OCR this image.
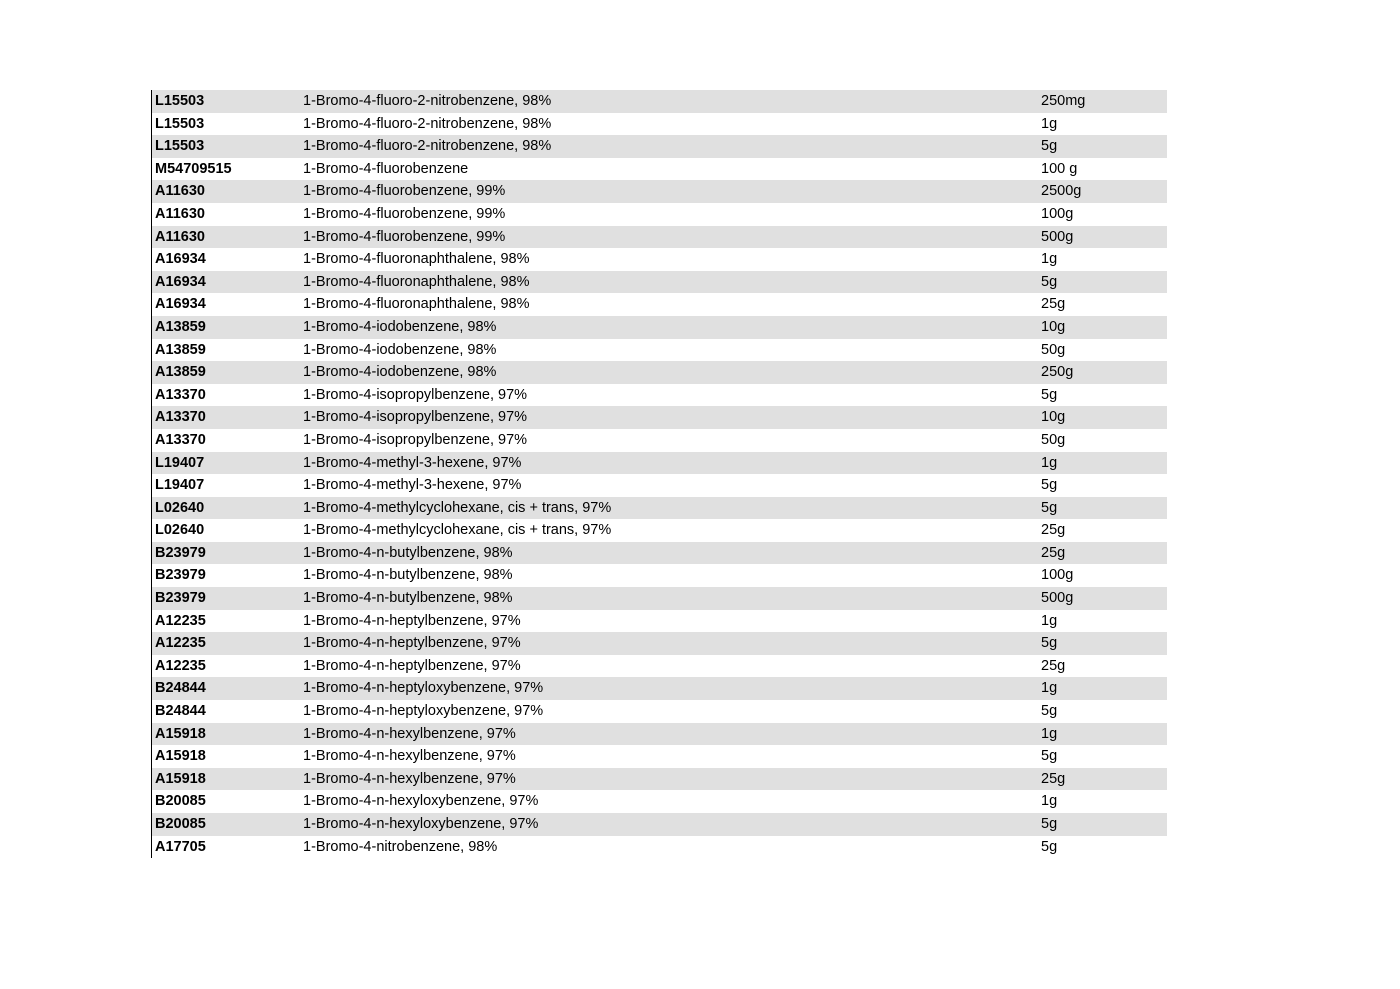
L15503	1-Bromo-4-fluoro-2-nitrobenzene, 98%	250mg
L15503	1-Bromo-4-fluoro-2-nitrobenzene, 98%	1g
L15503	1-Bromo-4-fluoro-2-nitrobenzene, 98%	5g
M54709515	1-Bromo-4-fluorobenzene	100 g
A11630	1-Bromo-4-fluorobenzene, 99%	2500g
A11630	1-Bromo-4-fluorobenzene, 99%	100g
A11630	1-Bromo-4-fluorobenzene, 99%	500g
A16934	1-Bromo-4-fluoronaphthalene, 98%	1g
A16934	1-Bromo-4-fluoronaphthalene, 98%	5g
A16934	1-Bromo-4-fluoronaphthalene, 98%	25g
A13859	1-Bromo-4-iodobenzene, 98%	10g
A13859	1-Bromo-4-iodobenzene, 98%	50g
A13859	1-Bromo-4-iodobenzene, 98%	250g
A13370	1-Bromo-4-isopropylbenzene, 97%	5g
A13370	1-Bromo-4-isopropylbenzene, 97%	10g
A13370	1-Bromo-4-isopropylbenzene, 97%	50g
L19407	1-Bromo-4-methyl-3-hexene, 97%	1g
L19407	1-Bromo-4-methyl-3-hexene, 97%	5g
L02640	1-Bromo-4-methylcyclohexane, cis + trans, 97%	5g
L02640	1-Bromo-4-methylcyclohexane, cis + trans, 97%	25g
B23979	1-Bromo-4-n-butylbenzene, 98%	25g
B23979	1-Bromo-4-n-butylbenzene, 98%	100g
B23979	1-Bromo-4-n-butylbenzene, 98%	500g
A12235	1-Bromo-4-n-heptylbenzene, 97%	1g
A12235	1-Bromo-4-n-heptylbenzene, 97%	5g
A12235	1-Bromo-4-n-heptylbenzene, 97%	25g
B24844	1-Bromo-4-n-heptyloxybenzene, 97%	1g
B24844	1-Bromo-4-n-heptyloxybenzene, 97%	5g
A15918	1-Bromo-4-n-hexylbenzene, 97%	1g
A15918	1-Bromo-4-n-hexylbenzene, 97%	5g
A15918	1-Bromo-4-n-hexylbenzene, 97%	25g
B20085	1-Bromo-4-n-hexyloxybenzene, 97%	1g
B20085	1-Bromo-4-n-hexyloxybenzene, 97%	5g
A17705	1-Bromo-4-nitrobenzene, 98%	5g
